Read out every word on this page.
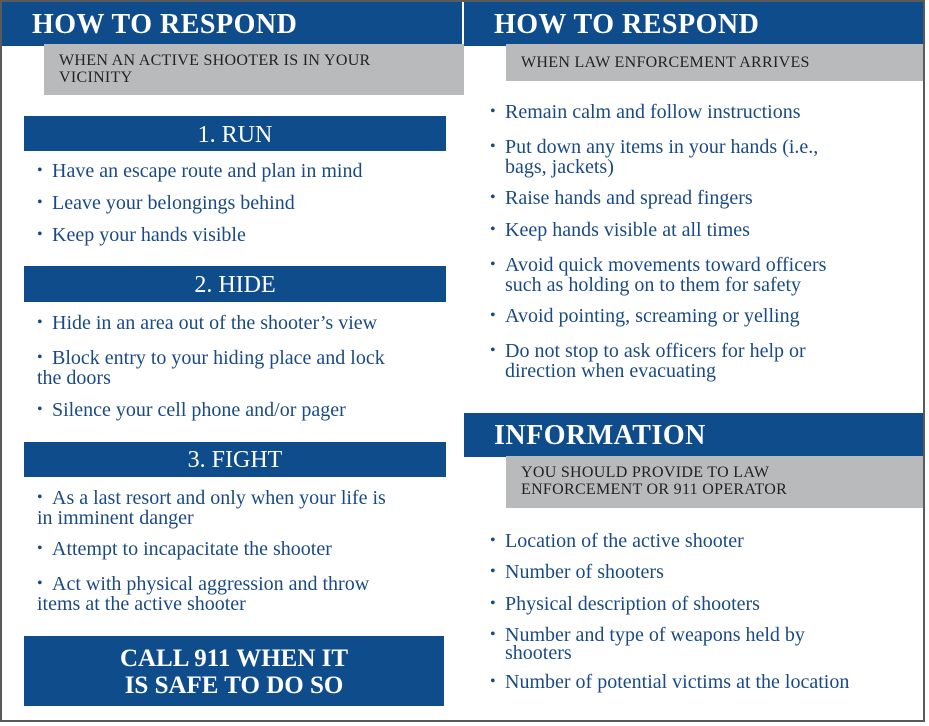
HOW TO RESPOND
WHEN AN ACTIVE SHOOTER IS IN YOUR
VICINITY
1. RUN
• Have an escape route and plan in mind
• Leave your belongings behind
• Keep your hands visible
2. HIDE
• Hide in an area out of the shooter’s view
• Block entry to your hiding place and lock
the doors
• Silence your cell phone and/or pager
3. FIGHT
• As a last resort and only when your life is
in imminent danger
• Attempt to incapacitate the shooter
• Act with physical aggression and throw
items at the active shooter
CALL 911 WHEN IT
IS SAFE TO DO SO
HOW TO RESPOND
WHEN LAW ENFORCEMENT ARRIVES
• Remain calm and follow instructions
• Put down any items in your hands (i.e.,
bags, jackets)
• Raise hands and spread fingers
• Keep hands visible at all times
• Avoid quick movements toward officers
such as holding on to them for safety
• Avoid pointing, screaming or yelling
• Do not stop to ask officers for help or
direction when evacuating
INFORMATION
YOU SHOULD PROVIDE TO LAW
ENFORCEMENT OR 911 OPERATOR
• Location of the active shooter
• Number of shooters
• Physical description of shooters
• Number and type of weapons held by
shooters
• Number of potential victims at the location
